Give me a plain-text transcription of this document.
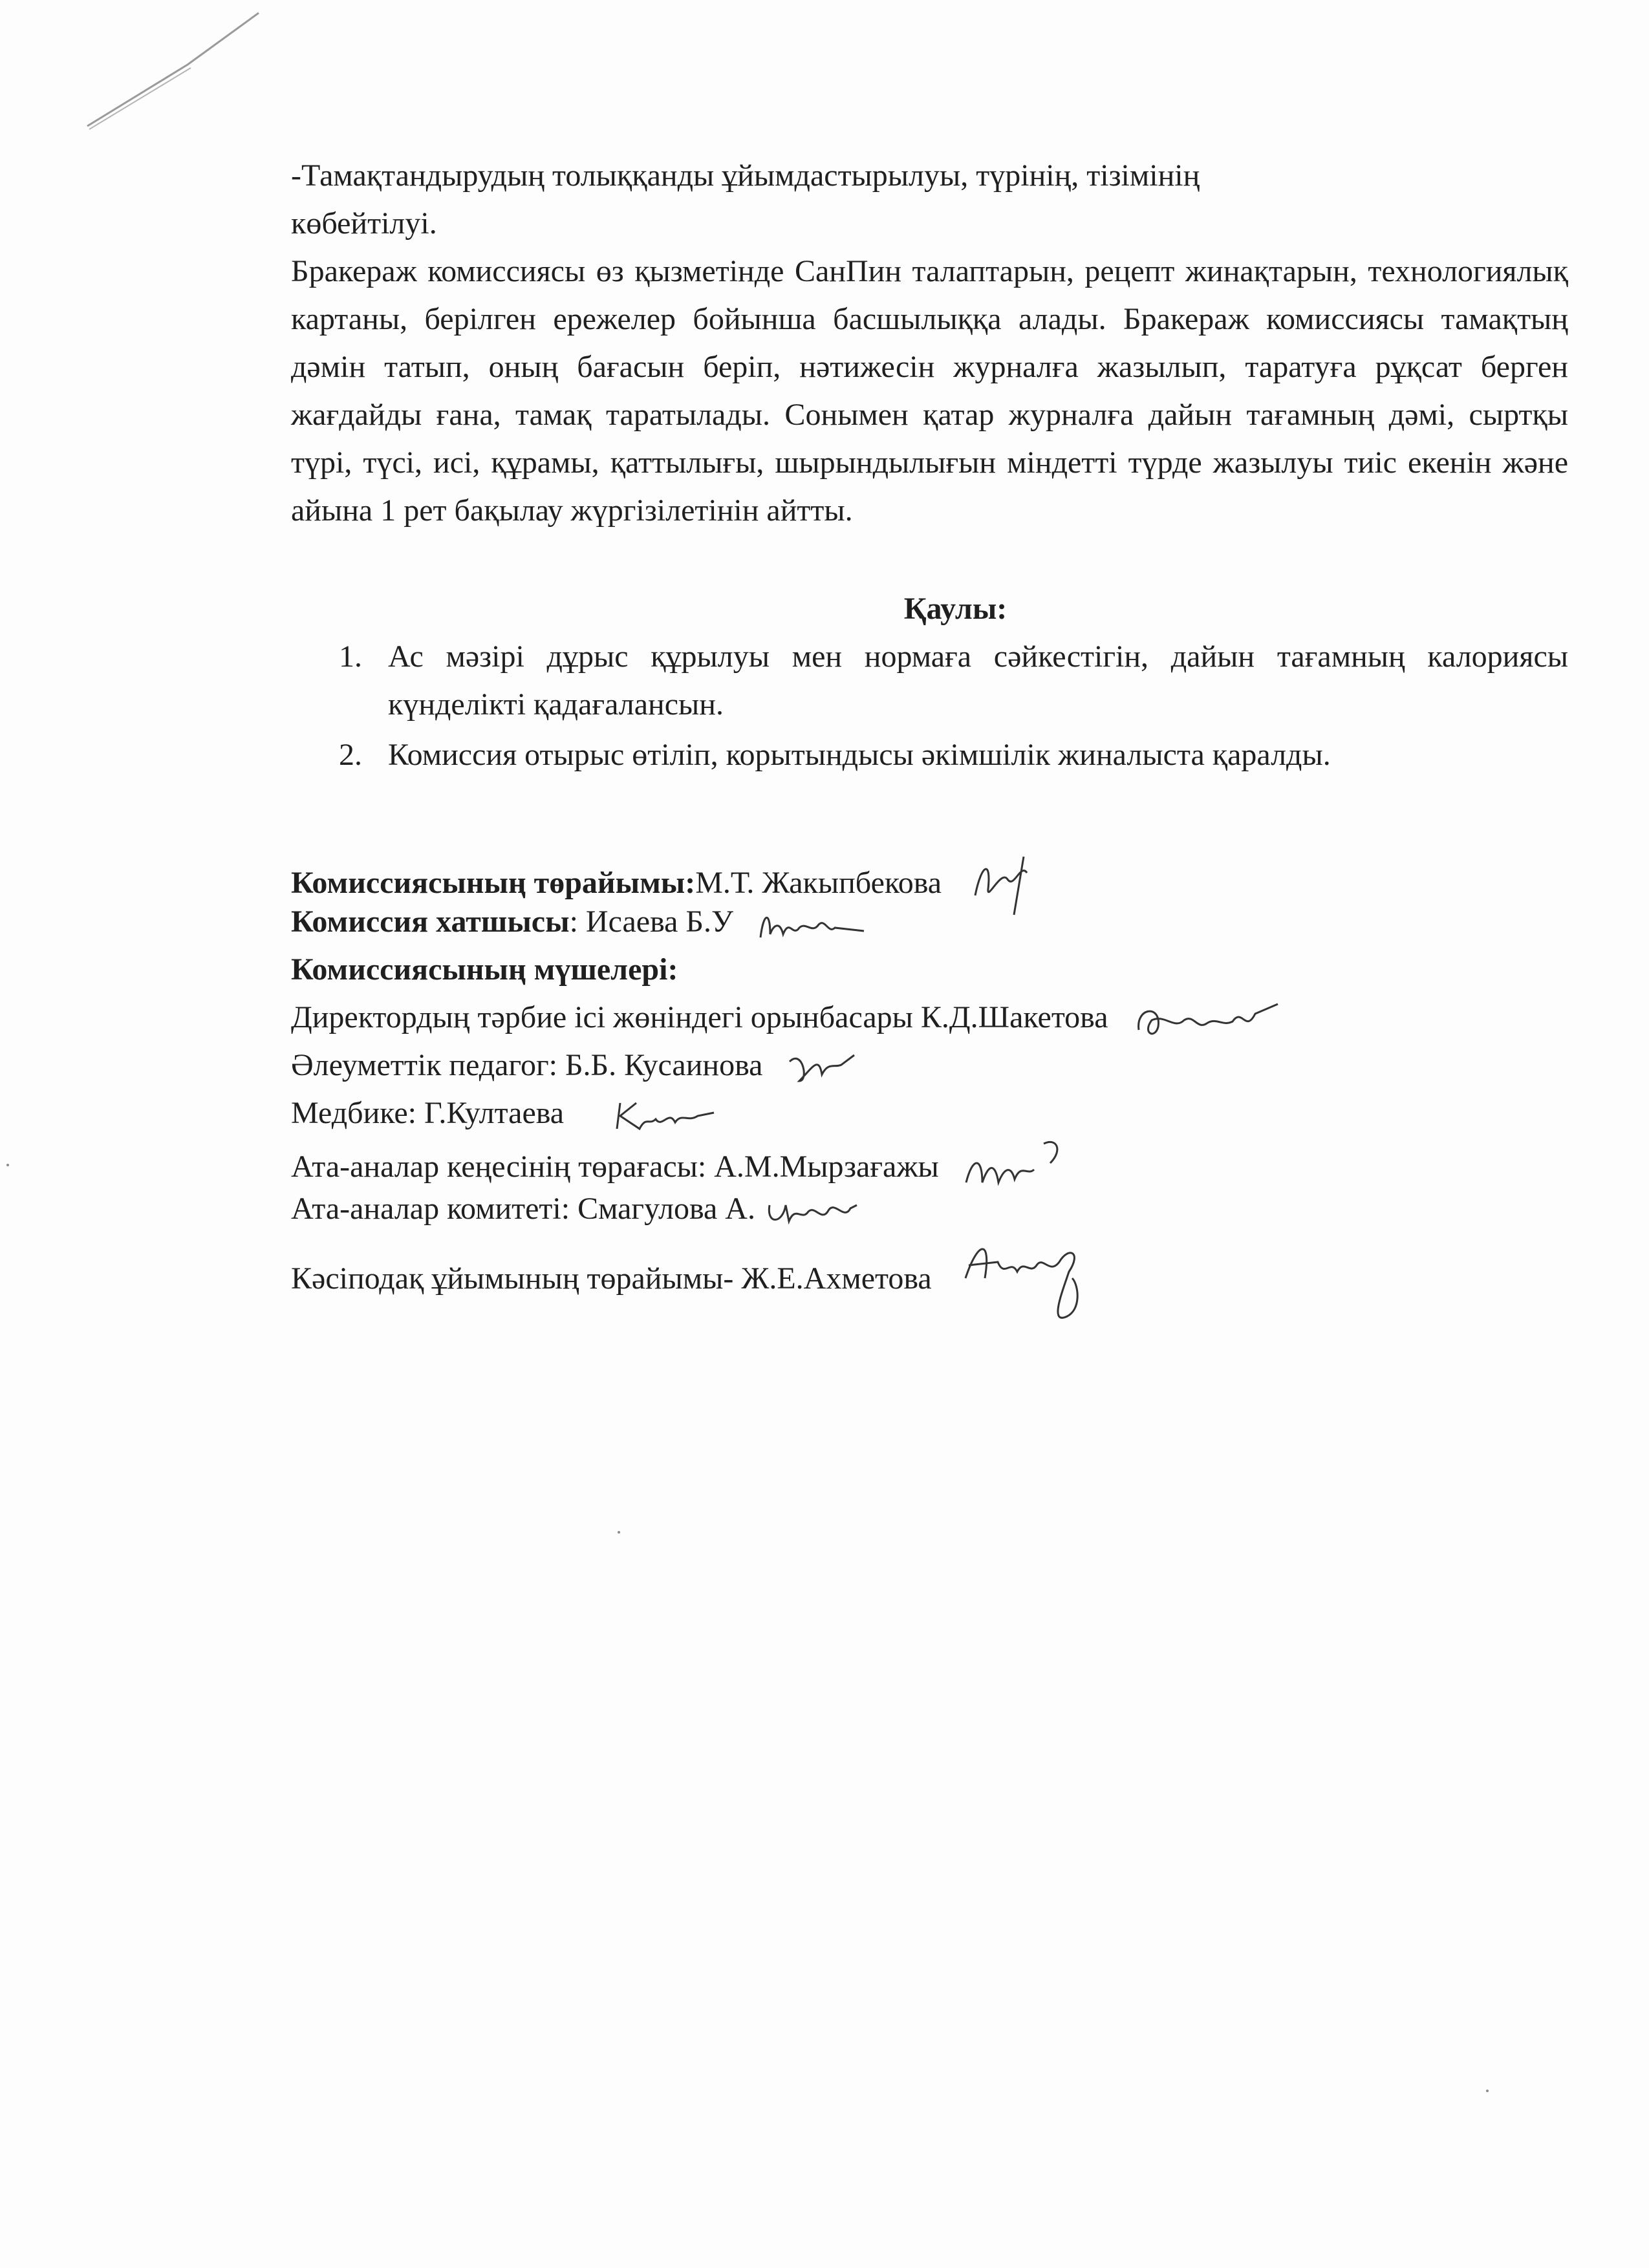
-Тамақтандырудың толыққанды ұйымдастырылуы, түрінің, тізімінің

көбейтілуі.

Бракераж комиссиясы өз қызметінде СанПин талаптарын, рецепт жинақтарын, технологиялық картаны, берілген ережелер бойынша басшылыққа алады. Бракераж комиссиясы тамақтың дәмін татып, оның бағасын беріп, нәтижесін журналға жазылып, таратуға рұқсат берген жағдайды ғана, тамақ таратылады. Сонымен қатар журналға дайын тағамның дәмі, сыртқы түрі, түсі, исі, құрамы, қаттылығы, шырындылығын міндетті түрде жазылуы тиіс екенін және айына 1 рет бақылау жүргізілетінін айтты.

Қаулы:

1. Ас мәзірі дұрыс құрылуы мен нормаға сәйкестігін, дайын тағамның калориясы күнделікті қадағалансын.
2. Комиссия отырыс өтіліп, корытындысы әкімшілік жиналыста қаралды.
Комиссиясының төрайымы:М.Т. Жакыпбекова
Комиссия хатшысы: Исаева Б.У
Комиссиясының мүшелері:
Директордың тәрбие ісі жөніндегі орынбасары К.Д.Шакетова
Әлеуметтік педагог: Б.Б. Кусаинова
Медбике: Г.Култаева
Ата-аналар кеңесінің төрағасы: А.М.Мырзағажы
Ата-аналар комитеті: Смагулова А.
Кәсіподақ ұйымының төрайымы- Ж.Е.Ахметова
